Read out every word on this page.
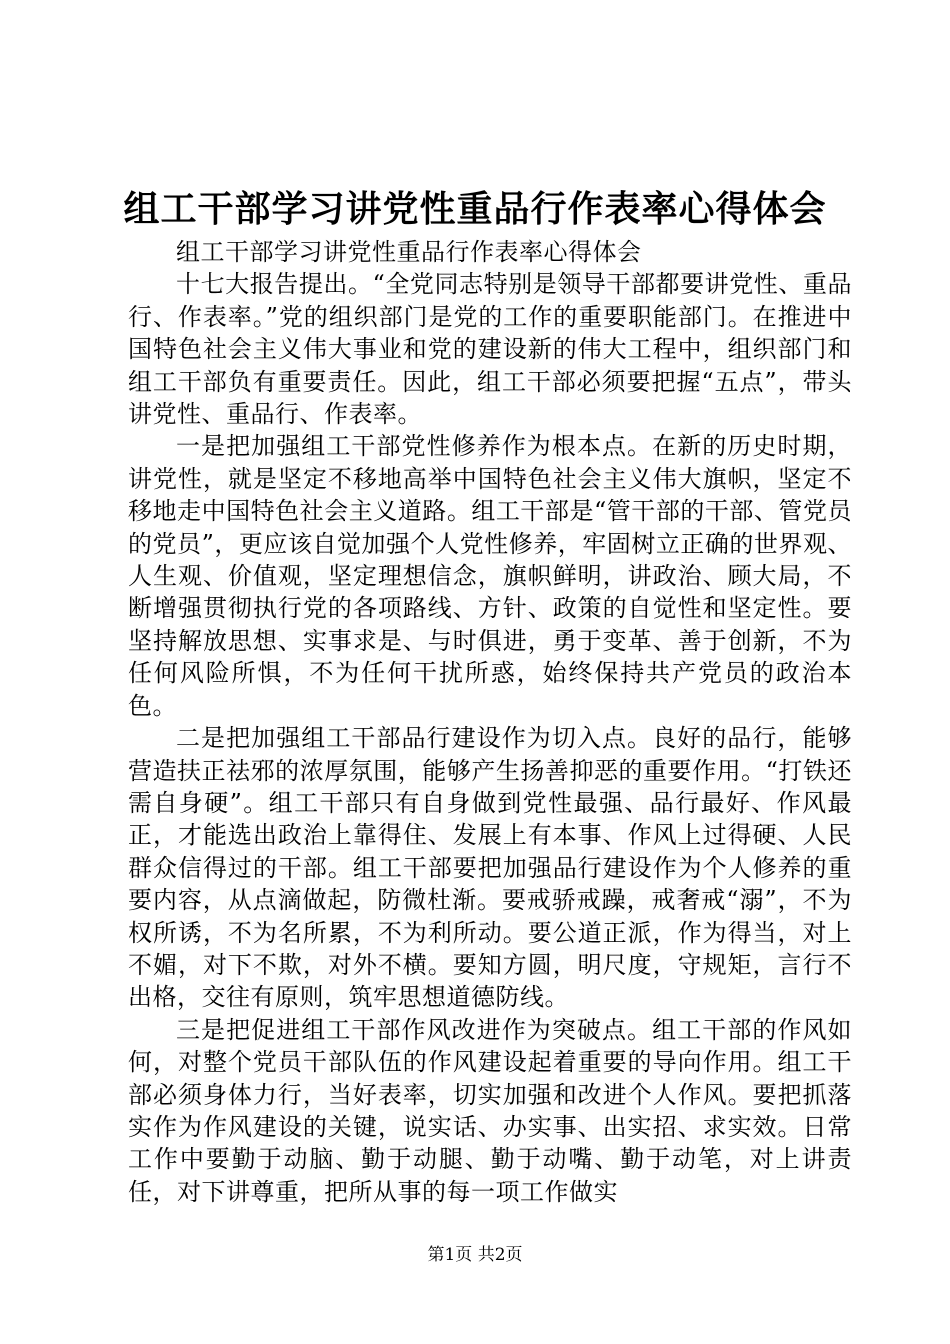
组工干部学习讲党性重品行作表率心得体会

组工干部学习讲党性重品行作表率心得体会

十七大报告提出。“全党同志特别是领导干部都要讲党性、重品行、作表率。”党的组织部门是党的工作的重要职能部门。在推进中国特色社会主义伟大事业和党的建设新的伟大工程中，组织部门和组工干部负有重要责任。因此，组工干部必须要把握“五点”，带头讲党性、重品行、作表率。

一是把加强组工干部党性修养作为根本点。在新的历史时期，讲党性，就是坚定不移地高举中国特色社会主义伟大旗帜，坚定不移地走中国特色社会主义道路。组工干部是“管干部的干部、管党员的党员”，更应该自觉加强个人党性修养，牢固树立正确的世界观、人生观、价值观，坚定理想信念，旗帜鲜明，讲政治、顾大局，不断增强贯彻执行党的各项路线、方针、政策的自觉性和坚定性。要坚持解放思想、实事求是、与时俱进，勇于变革、善于创新，不为任何风险所惧，不为任何干扰所惑，始终保持共产党员的政治本色。

二是把加强组工干部品行建设作为切入点。良好的品行，能够营造扶正祛邪的浓厚氛围，能够产生扬善抑恶的重要作用。“打铁还需自身硬”。组工干部只有自身做到党性最强、品行最好、作风最正，才能选出政治上靠得住、发展上有本事、作风上过得硬、人民群众信得过的干部。组工干部要把加强品行建设作为个人修养的重要内容，从点滴做起，防微杜渐。要戒骄戒躁，戒奢戒“溺”，不为权所诱，不为名所累，不为利所动。要公道正派，作为得当，对上不媚，对下不欺，对外不横。要知方圆，明尺度，守规矩，言行不出格，交往有原则，筑牢思想道德防线。

三是把促进组工干部作风改进作为突破点。组工干部的作风如何，对整个党员干部队伍的作风建设起着重要的导向作用。组工干部必须身体力行，当好表率，切实加强和改进个人作风。要把抓落实作为作风建设的关键，说实话、办实事、出实招、求实效。日常工作中要勤于动脑、勤于动腿、勤于动嘴、勤于动笔，对上讲责任，对下讲尊重，把所从事的每一项工作做实

第1页 共2页
